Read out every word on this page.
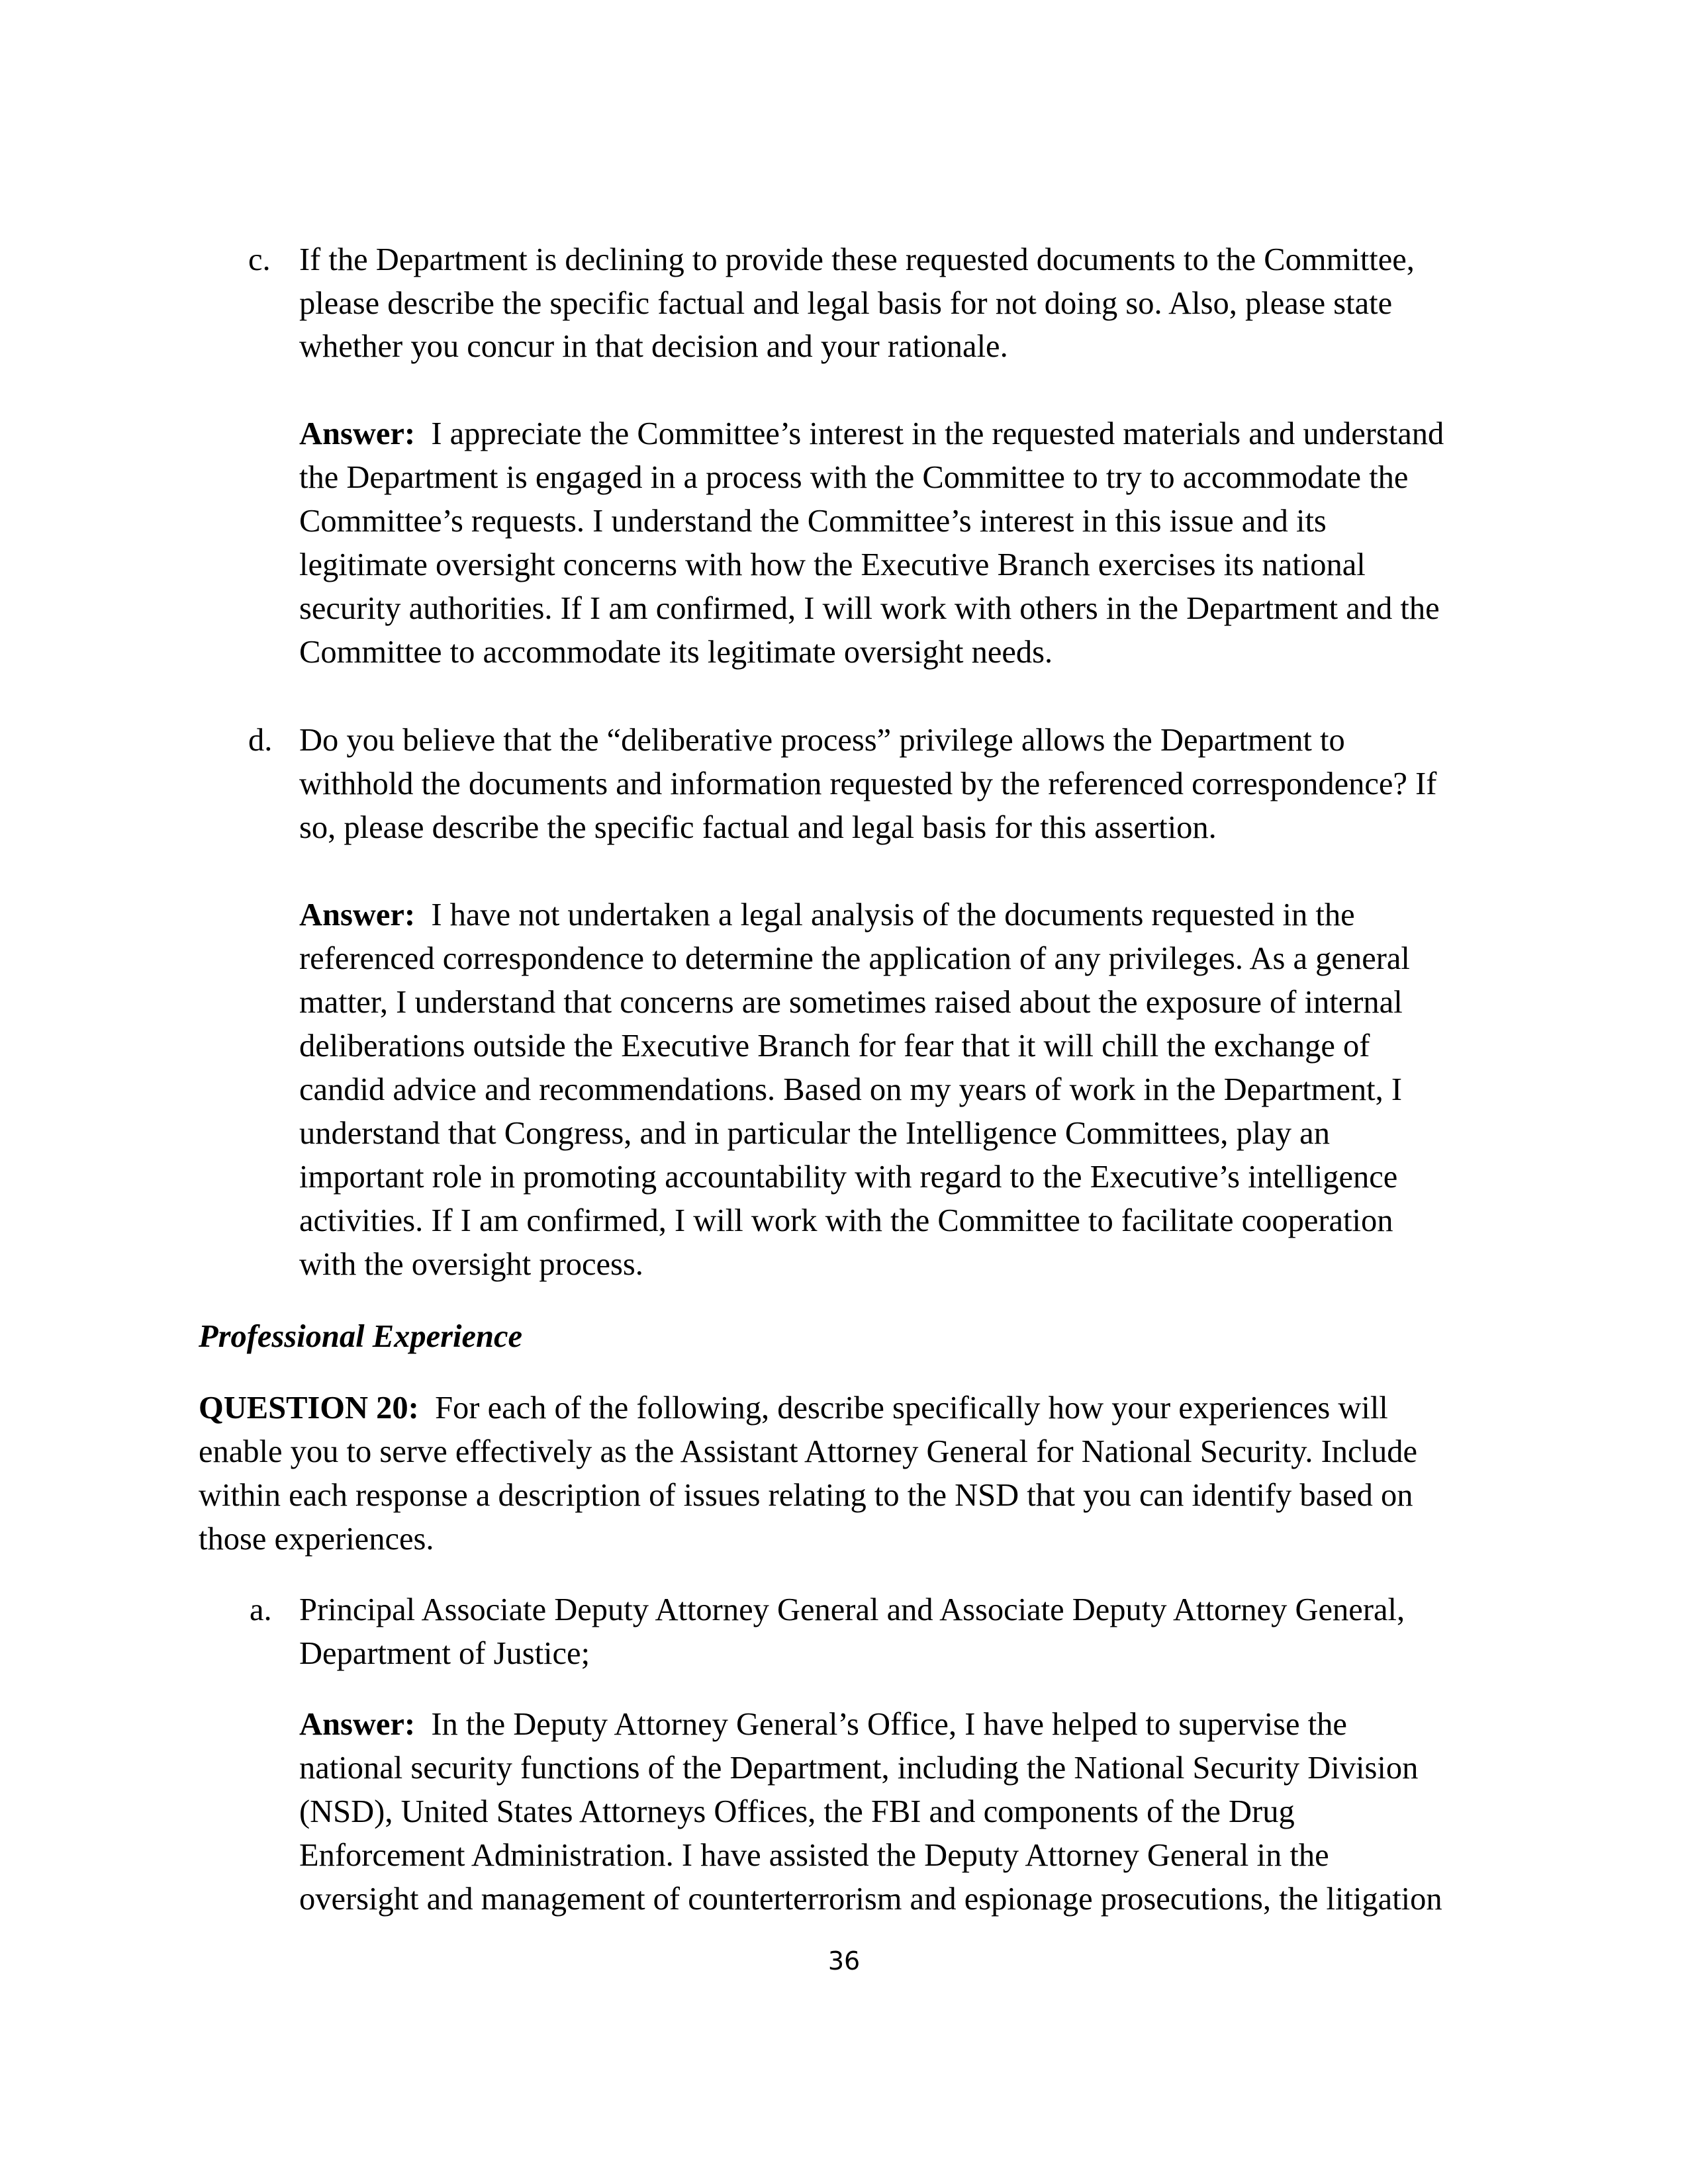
c. If the Department is declining to provide these requested documents to the Committee,
please describe the specific factual and legal basis for not doing so. Also, please state
whether you concur in that decision and your rationale.
Answer:  I appreciate the Committee’s interest in the requested materials and understand
the Department is engaged in a process with the Committee to try to accommodate the
Committee’s requests. I understand the Committee’s interest in this issue and its
legitimate oversight concerns with how the Executive Branch exercises its national
security authorities. If I am confirmed, I will work with others in the Department and the
Committee to accommodate its legitimate oversight needs.
d. Do you believe that the “deliberative process” privilege allows the Department to
withhold the documents and information requested by the referenced correspondence? If
so, please describe the specific factual and legal basis for this assertion.
Answer:  I have not undertaken a legal analysis of the documents requested in the
referenced correspondence to determine the application of any privileges. As a general
matter, I understand that concerns are sometimes raised about the exposure of internal
deliberations outside the Executive Branch for fear that it will chill the exchange of
candid advice and recommendations. Based on my years of work in the Department, I
understand that Congress, and in particular the Intelligence Committees, play an
important role in promoting accountability with regard to the Executive’s intelligence
activities. If I am confirmed, I will work with the Committee to facilitate cooperation
with the oversight process.
Professional Experience
QUESTION 20:  For each of the following, describe specifically how your experiences will
enable you to serve effectively as the Assistant Attorney General for National Security. Include
within each response a description of issues relating to the NSD that you can identify based on
those experiences.
a. Principal Associate Deputy Attorney General and Associate Deputy Attorney General,
Department of Justice;
Answer:  In the Deputy Attorney General’s Office, I have helped to supervise the
national security functions of the Department, including the National Security Division
(NSD), United States Attorneys Offices, the FBI and components of the Drug
Enforcement Administration. I have assisted the Deputy Attorney General in the
oversight and management of counterterrorism and espionage prosecutions, the litigation
36
